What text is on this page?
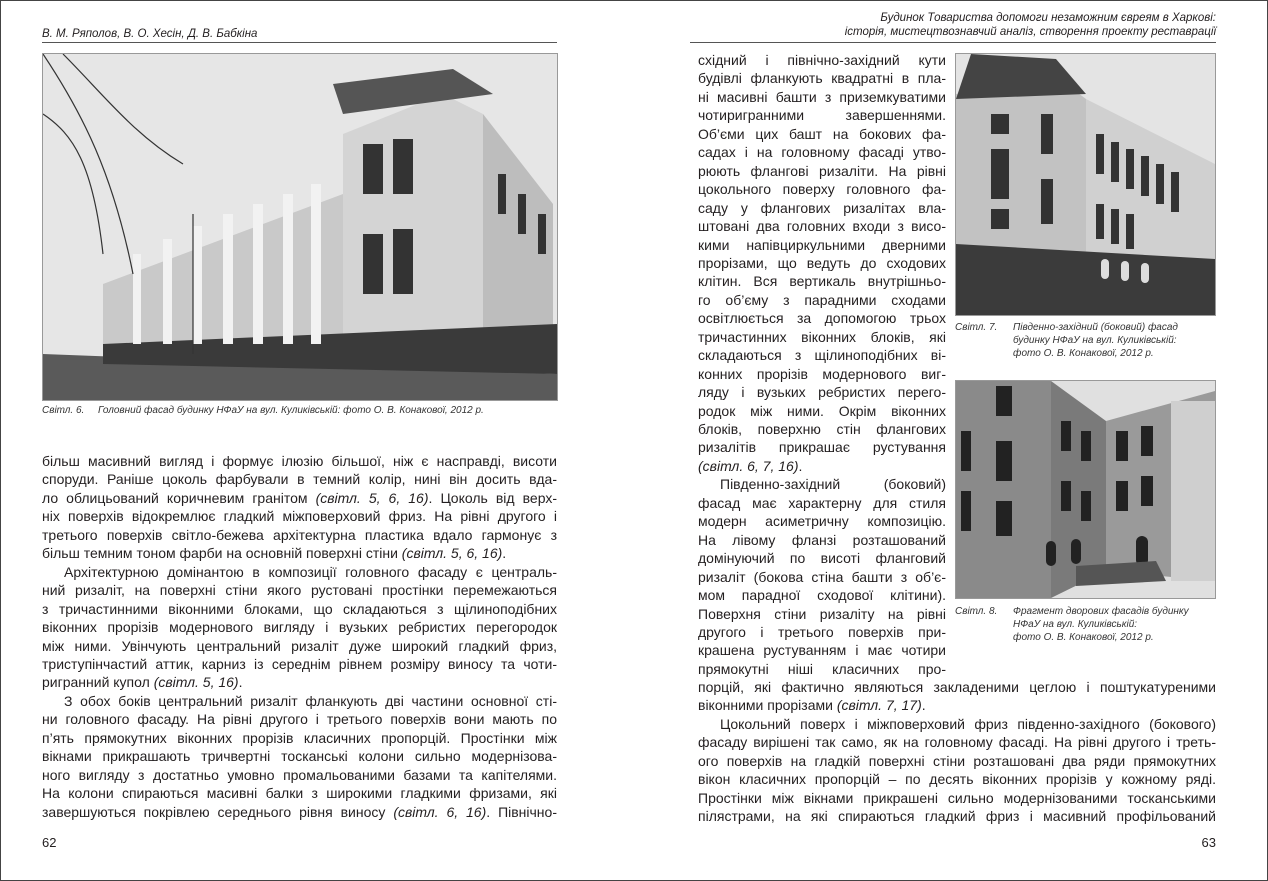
В. М. Ряполов, В. О. Хесін, Д. В. Бабкіна
Світл. 6. Головний фасад будинку НФаУ на вул. Куликівській: фото О. В. Конакової, 2012 р.
більш масивний вигляд і формує ілюзію більшої, ніж є насправді, висоти
споруди. Раніше цоколь фарбували в темний колір, нині він досить вда-
ло облицьований коричневим гранітом (світл. 5, 6, 16). Цоколь від верх-
ніх поверхів відокремлює гладкий міжповерховий фриз. На рівні другого і
третього поверхів світло-бежева архітектурна пластика вдало гармонує з
більш темним тоном фарби на основній поверхні стіни (світл. 5, 6, 16).
Архітектурною домінантою в композиції головного фасаду є централь-
ний ризаліт, на поверхні стіни якого рустовані простінки перемежаються
з тричастинними віконними блоками, що складаються з щілиноподібних
віконних прорізів модернового вигляду і вузьких ребристих перегородок
між ними. Увінчують центральний ризаліт дуже широкий гладкий фриз,
триступінчастий аттик, карниз із середнім рівнем розміру виносу та чоти-
ригранний купол (світл. 5, 16).
З обох боків центральний ризаліт фланкують дві частини основної сті-
ни головного фасаду. На рівні другого і третього поверхів вони мають по
п’ять прямокутних віконних прорізів класичних пропорцій. Простінки між
вікнами прикрашають тричвертні тосканські колони сильно модернізова-
ного вигляду з достатньо умовно промальованими базами та капітелями.
На колони спираються масивні балки з широкими гладкими фризами, які
завершуються покрівлею середнього рівня виносу (світл. 6, 16). Північно-
62
Будинок Товариства допомоги незаможним євреям в Харкові:
історія, мистецтвознавчий аналіз, створення проекту реставрації
Світл. 7. Південно-західний (боковий) фасад
будинку НФаУ на вул. Куликівській:
фото О. В. Конакової, 2012 р.
Світл. 8. Фрагмент дворових фасадів будинку
НФаУ на вул. Куликівській:
фото О. В. Конакової, 2012 р.
східний і північно-західний кути
будівлі фланкують квадратні в пла-
ні масивні башти з приземкуватими
чотиригранними завершеннями.
Об’єми цих башт на бокових фа-
садах і на головному фасаді утво-
рюють флангові ризаліти. На рівні
цокольного поверху головного фа-
саду у флангових ризалітах вла-
штовані два головних входи з висо-
кими напівциркульними дверними
прорізами, що ведуть до сходових
клітин. Вся вертикаль внутрішньо-
го об’єму з парадними сходами
освітлюється за допомогою трьох
тричастинних віконних блоків, які
складаються з щілиноподібних ві-
конних прорізів модернового виг-
ляду і вузьких ребристих перего-
родок між ними. Окрім віконних
блоків, поверхню стін флангових
ризалітів прикрашає рустування
(світл. 6, 7, 16).
Південно-західний (боковий)
фасад має характерну для стиля
модерн асиметричну композицію.
На лівому фланзі розташований
домінуючий по висоті фланговий
ризаліт (бокова стіна башти з об’є-
мом парадної сходової клітини).
Поверхня стіни ризаліту на рівні
другого і третього поверхів при-
крашена рустуванням і має чотири
прямокутні ніші класичних про-
порцій, які фактично являються закладеними цеглою і поштукатуреними
віконними прорізами (світл. 7, 17).
Цокольний поверх і міжповерховий фриз південно-західного (бокового)
фасаду вирішені так само, як на головному фасаді. На рівні другого і треть-
ого поверхів на гладкій поверхні стіни розташовані два ряди прямокутних
вікон класичних пропорцій – по десять віконних прорізів у кожному ряді.
Простінки між вікнами прикрашені сильно модернізованими тосканськими
пілястрами, на які спираються гладкий фриз і масивний профільований
63
